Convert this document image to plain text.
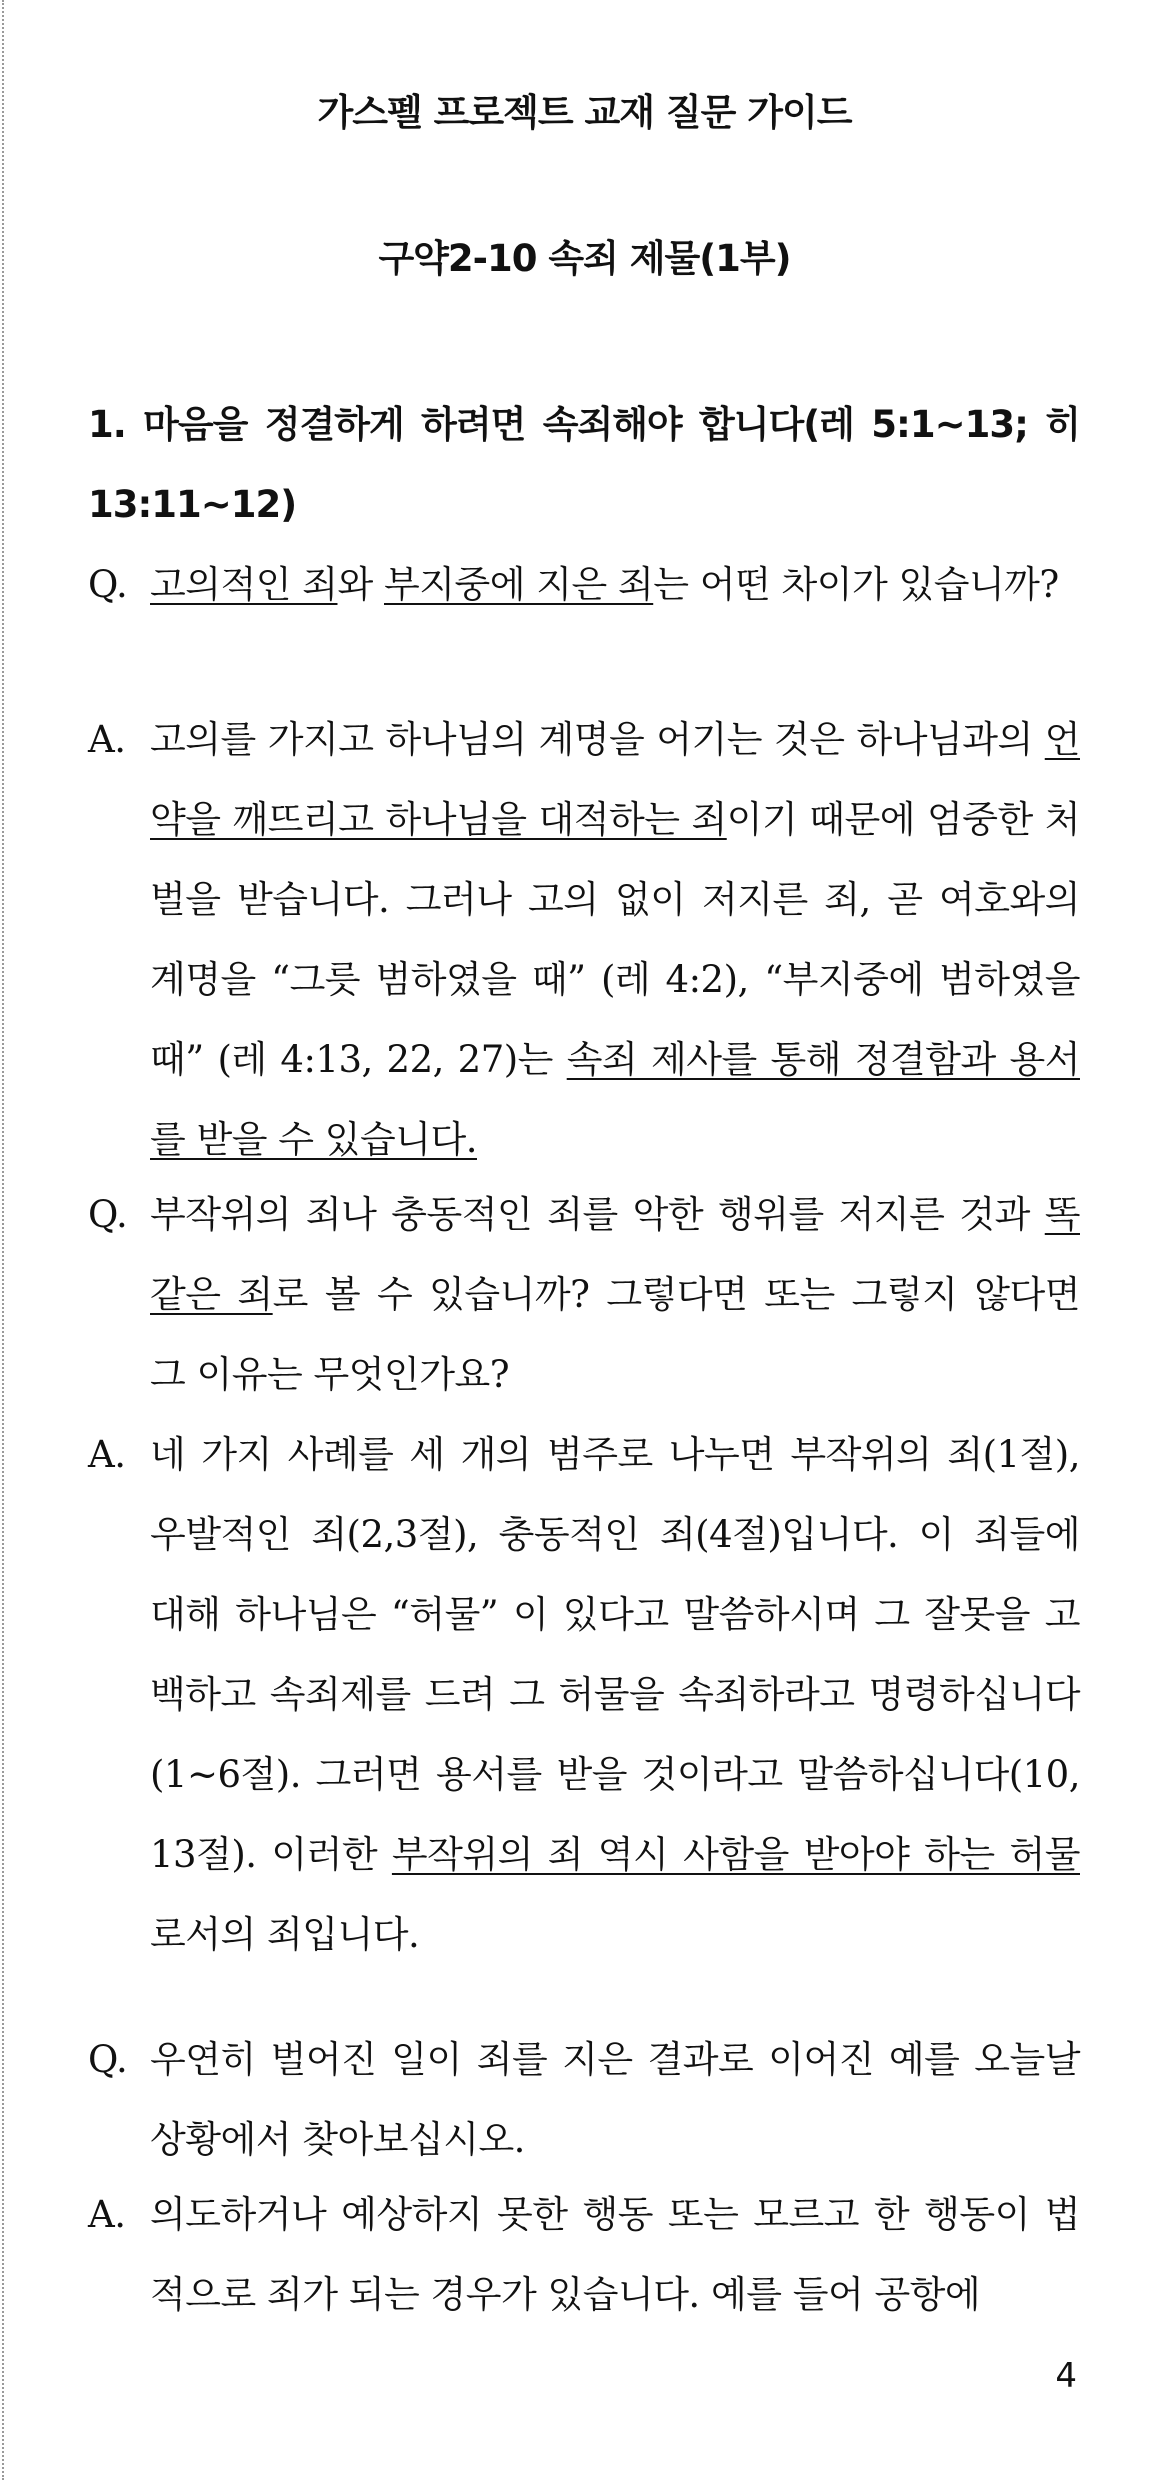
가스펠 프로젝트 교재 질문 가이드
구약2-10 속죄 제물(1부)
1. 마음을 정결하게 하려면 속죄해야 합니다(레 5:1~13; 히 13:11~12)
Q. 고의적인 죄와 부지중에 지은 죄는 어떤 차이가 있습니까?
A. 고의를 가지고 하나님의 계명을 어기는 것은 하나님과의 언약을 깨뜨리고 하나님을 대적하는 죄이기 때문에 엄중한 처벌을 받습니다. 그러나 고의 없이 저지른 죄, 곧 여호와의 계명을 “그릇 범하였을 때” (레 4:2), “부지중에 범하였을때” (레 4:13, 22, 27)는 속죄 제사를 통해 정결함과 용서를 받을 수 있습니다.
Q. 부작위의 죄나 충동적인 죄를 악한 행위를 저지른 것과 똑같은 죄로 볼 수 있습니까? 그렇다면 또는 그렇지 않다면 그 이유는 무엇인가요?
A. 네 가지 사례를 세 개의 범주로 나누면 부작위의 죄(1절), 우발적인 죄(2,3절), 충동적인 죄(4절)입니다. 이 죄들에 대해 하나님은 “허물” 이 있다고 말씀하시며 그 잘못을 고백하고 속죄제를 드려 그 허물을 속죄하라고 명령하십니다(1~6절). 그러면 용서를 받을 것이라고 말씀하십니다(10, 13절). 이러한 부작위의 죄 역시 사함을 받아야 하는 허물로서의 죄입니다.
Q. 우연히 벌어진 일이 죄를 지은 결과로 이어진 예를 오늘날 상황에서 찾아보십시오.
A. 의도하거나 예상하지 못한 행동 또는 모르고 한 행동이 법적으로 죄가 되는 경우가 있습니다. 예를 들어 공항에
4
